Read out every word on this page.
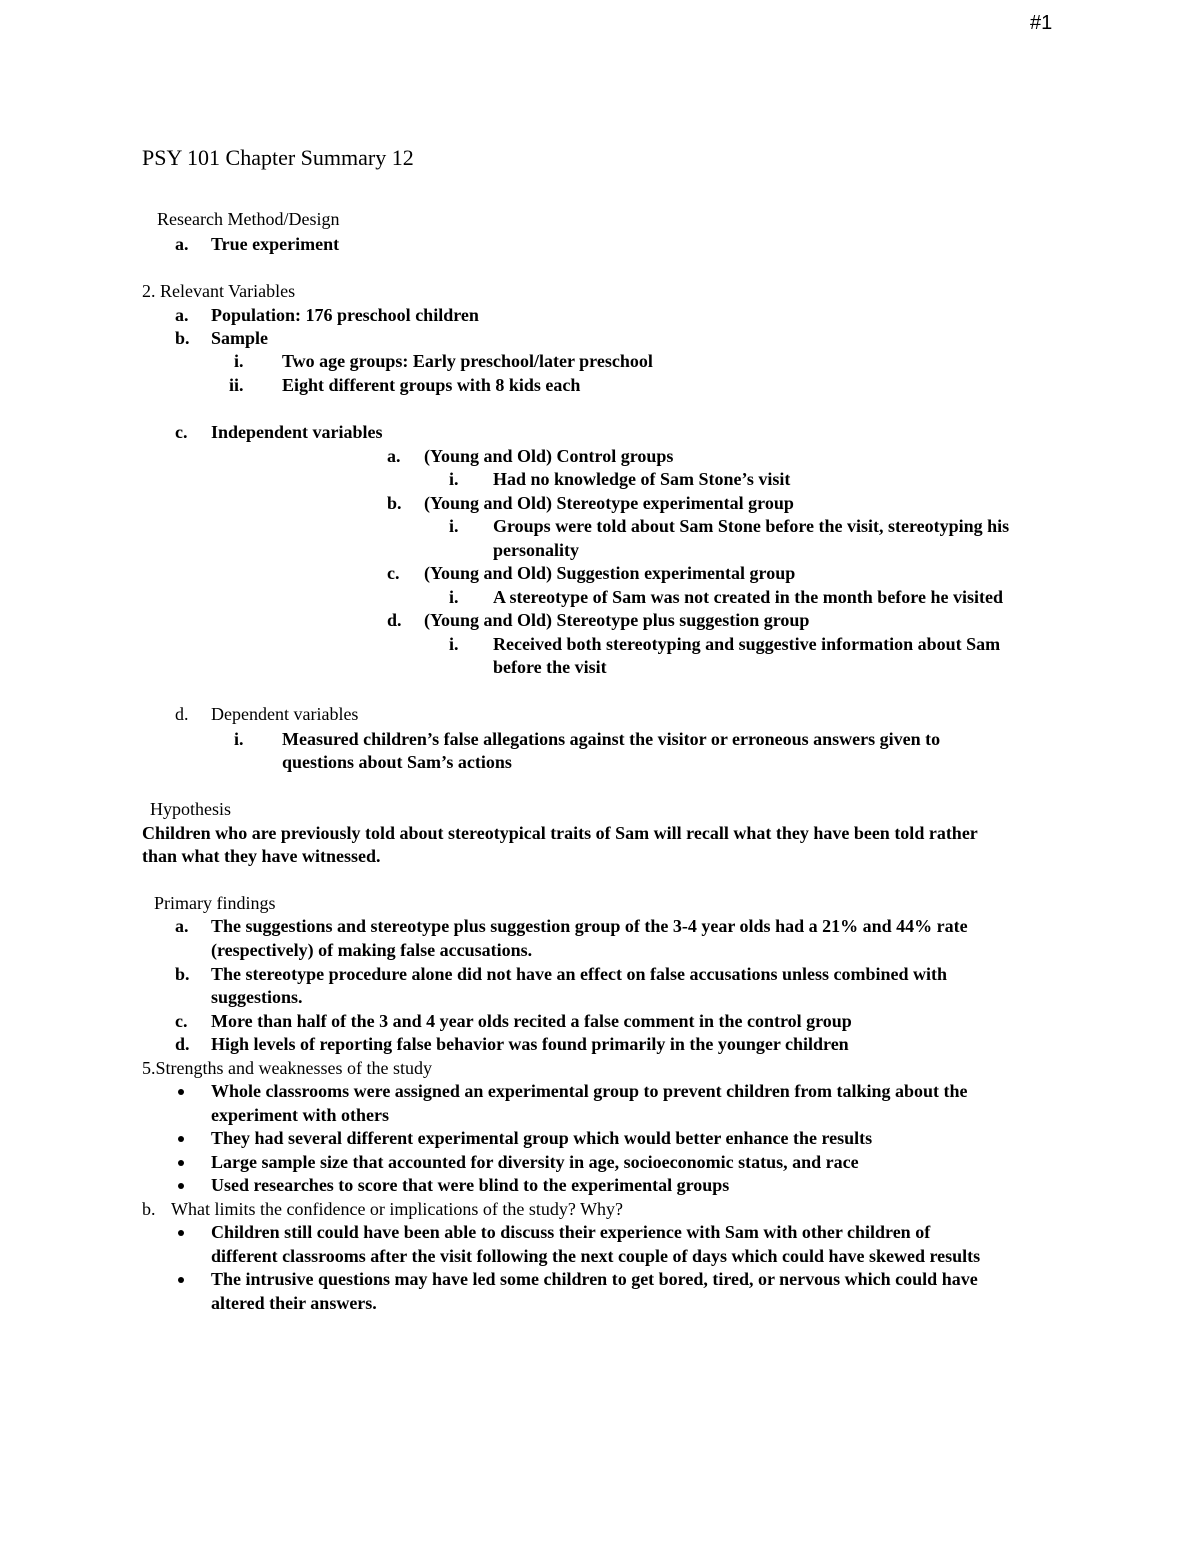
#1
PSY 101 Chapter Summary 12
Research Method/Design
a. True experiment
2. Relevant Variables
a. Population: 176 preschool children
b. Sample
i. Two age groups: Early preschool/later preschool
ii. Eight different groups with 8 kids each
c. Independent variables
a. (Young and Old) Control groups
i. Had no knowledge of Sam Stone’s visit
b. (Young and Old) Stereotype experimental group
i. Groups were told about Sam Stone before the visit, stereotyping his
personality
c. (Young and Old) Suggestion experimental group
i. A stereotype of Sam was not created in the month before he visited
d. (Young and Old) Stereotype plus suggestion group
i. Received both stereotyping and suggestive information about Sam
before the visit
d. Dependent variables
i. Measured children’s false allegations against the visitor or erroneous answers given to
questions about Sam’s actions
Hypothesis
Children who are previously told about stereotypical traits of Sam will recall what they have been told rather
than what they have witnessed.
Primary findings
a. The suggestions and stereotype plus suggestion group of the 3-4 year olds had a 21% and 44% rate
(respectively) of making false accusations.
b. The stereotype procedure alone did not have an effect on false accusations unless combined with
suggestions.
c. More than half of the 3 and 4 year olds recited a false comment in the control group
d. High levels of reporting false behavior was found primarily in the younger children
5.Strengths and weaknesses of the study
Whole classrooms were assigned an experimental group to prevent children from talking about the
experiment with others
They had several different experimental group which would better enhance the results
Large sample size that accounted for diversity in age, socioeconomic status, and race
Used researches to score that were blind to the experimental groups
b. What limits the confidence or implications of the study? Why?
Children still could have been able to discuss their experience with Sam with other children of
different classrooms after the visit following the next couple of days which could have skewed results
The intrusive questions may have led some children to get bored, tired, or nervous which could have
altered their answers.
